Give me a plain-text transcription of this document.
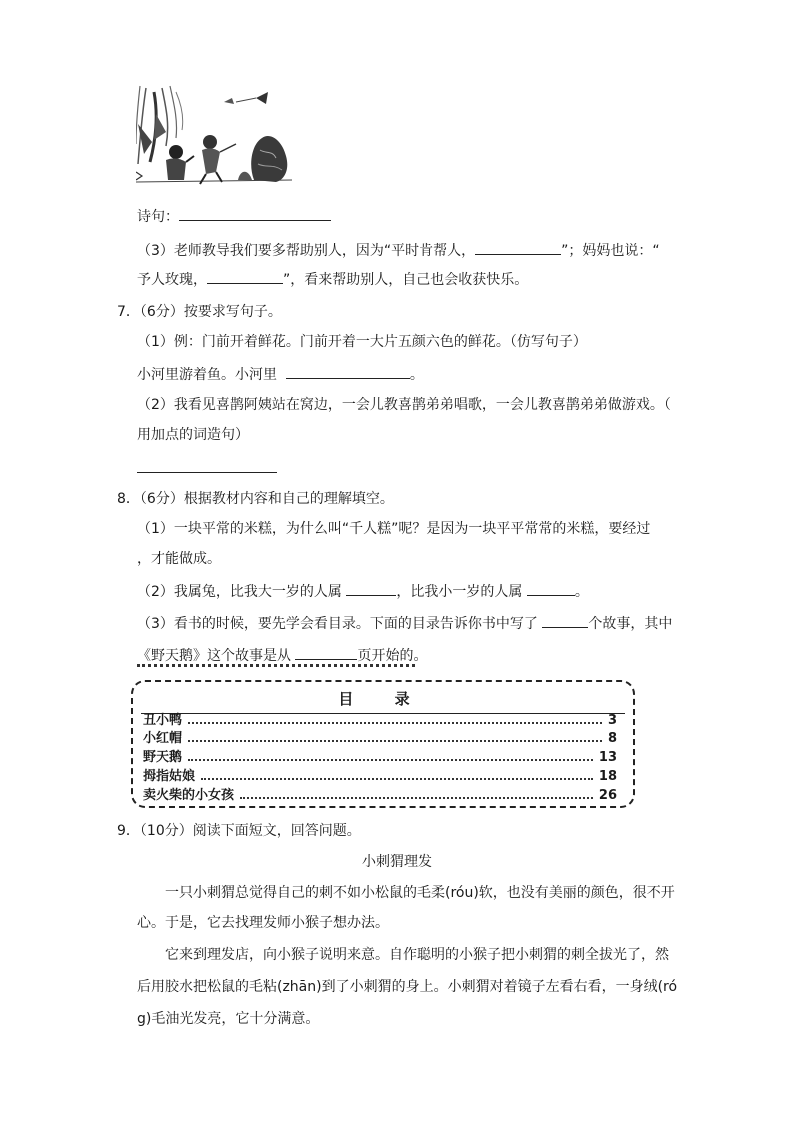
诗句：
（3）老师教导我们要多帮助别人，因为“平时肯帮人，	”；妈妈也说：“
予人玫瑰，	”，看来帮助别人，自己也会收获快乐。
7．（6分）按要求写句子。
（1）例：门前开着鲜花。门前开着一大片五颜六色的鲜花。（仿写句子）
小河里游着鱼。小河里	。
（2）我看见喜鹊阿姨站在窝边，一会儿教喜鹊弟弟唱歌，一会儿教喜鹊弟弟做游戏。（
用加点的词造句）
8．（6分）根据教材内容和自己的理解填空。
（1）一块平常的米糕，为什么叫“千人糕”呢？是因为一块平平常常的米糕，要经过
，才能做成。
（2）我属兔，比我大一岁的人属	，比我小一岁的人属	。
（3）看书的时候，要先学会看目录。下面的目录告诉你书中写了	个故事，其中
《野天鹅》这个故事是从	页开始的。
目 录
丑小鸭	3
小红帽	8
野天鹅	13
拇指姑娘	18
卖火柴的小女孩	26
9．（10分）阅读下面短文，回答问题。
小刺猬理发
一只小刺猬总觉得自己的刺不如小松鼠的毛柔(róu)软，也没有美丽的颜色，很不开
心。于是，它去找理发师小猴子想办法。
它来到理发店，向小猴子说明来意。自作聪明的小猴子把小刺猬的刺全拔光了，然
后用胶水把松鼠的毛粘(zhān)到了小刺猬的身上。小刺猬对着镜子左看右看，一身绒(ró
g)毛油光发亮，它十分满意。
